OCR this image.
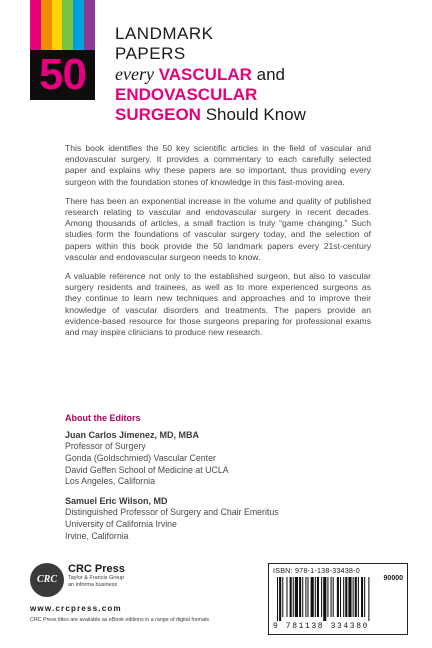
50
LANDMARK
PAPERS
every VASCULAR and
ENDOVASCULAR
SURGEON Should Know

This book identifies the 50 key scientific articles in the field of vascular and endovascular surgery. It provides a commentary to each carefully selected paper and explains why these papers are so important, thus providing every surgeon with the foundation stones of knowledge in this fast-moving area.

There has been an exponential increase in the volume and quality of published research relating to vascular and endovascular surgery in recent decades. Among thousands of articles, a small fraction is truly “game changing.” Such studies form the foundations of vascular surgery today, and the selection of papers within this book provide the 50 landmark papers every 21st-century vascular and endovascular surgeon needs to know.

A valuable reference not only to the established surgeon, but also to vascular surgery residents and trainees, as well as to more experienced surgeons as they continue to learn new techniques and approaches and to improve their knowledge of vascular disorders and treatments. The papers provide an evidence-based resource for those surgeons preparing for professional exams and may inspire clinicians to produce new research.

About the Editors
Juan Carlos Jimenez, MD, MBA
Professor of Surgery
Gonda (Goldschmied) Vascular Center
David Geffen School of Medicine at UCLA
Los Angeles, California
Samuel Eric Wilson, MD
Distinguished Professor of Surgery and Chair Emeritus
University of California Irvine
Irvine, California
CRC
CRC Press
Taylor & Francis Group
an informa business
www.crcpress.com
CRC Press titles are available as eBook editions in a range of digital formats
ISBN: 978-1-138-33438-0
90000
9 781138 334380
